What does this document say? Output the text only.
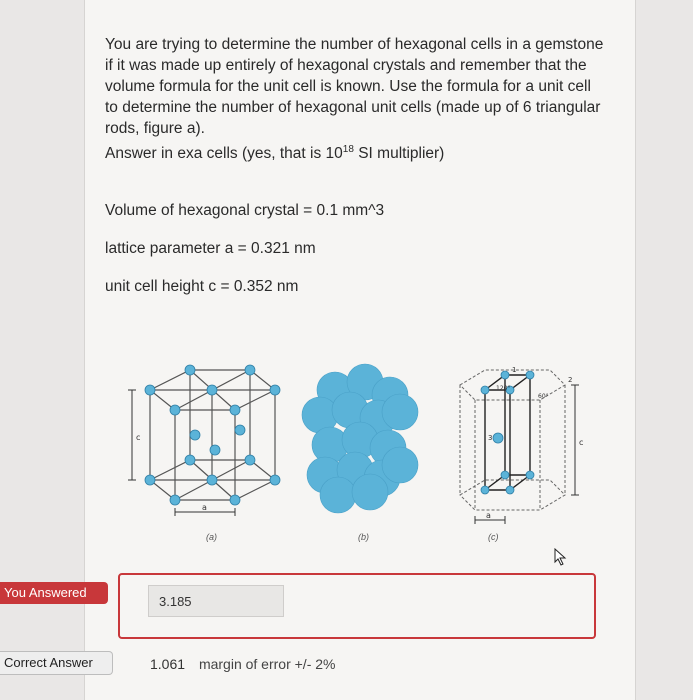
You are trying to determine the number of hexagonal cells in a gemstone if it was made up entirely of hexagonal crystals and remember that the volume formula for the unit cell is known. Use the formula for a unit cell to determine the number of hexagonal unit cells (made up of 6 triangular rods, figure a).

Answer in exa cells (yes, that is $10^{18}$ SI multiplier)

Volume of hexagonal crystal = 0.1 mm^3
lattice parameter a = 0.321 nm
unit cell height c = 0.352 nm
c
a
120°
60°
1
2
3	c
a
(a)	(b)	(c)
You Answered
3.185
Correct Answer	1.061 margin of error +/- 2%
